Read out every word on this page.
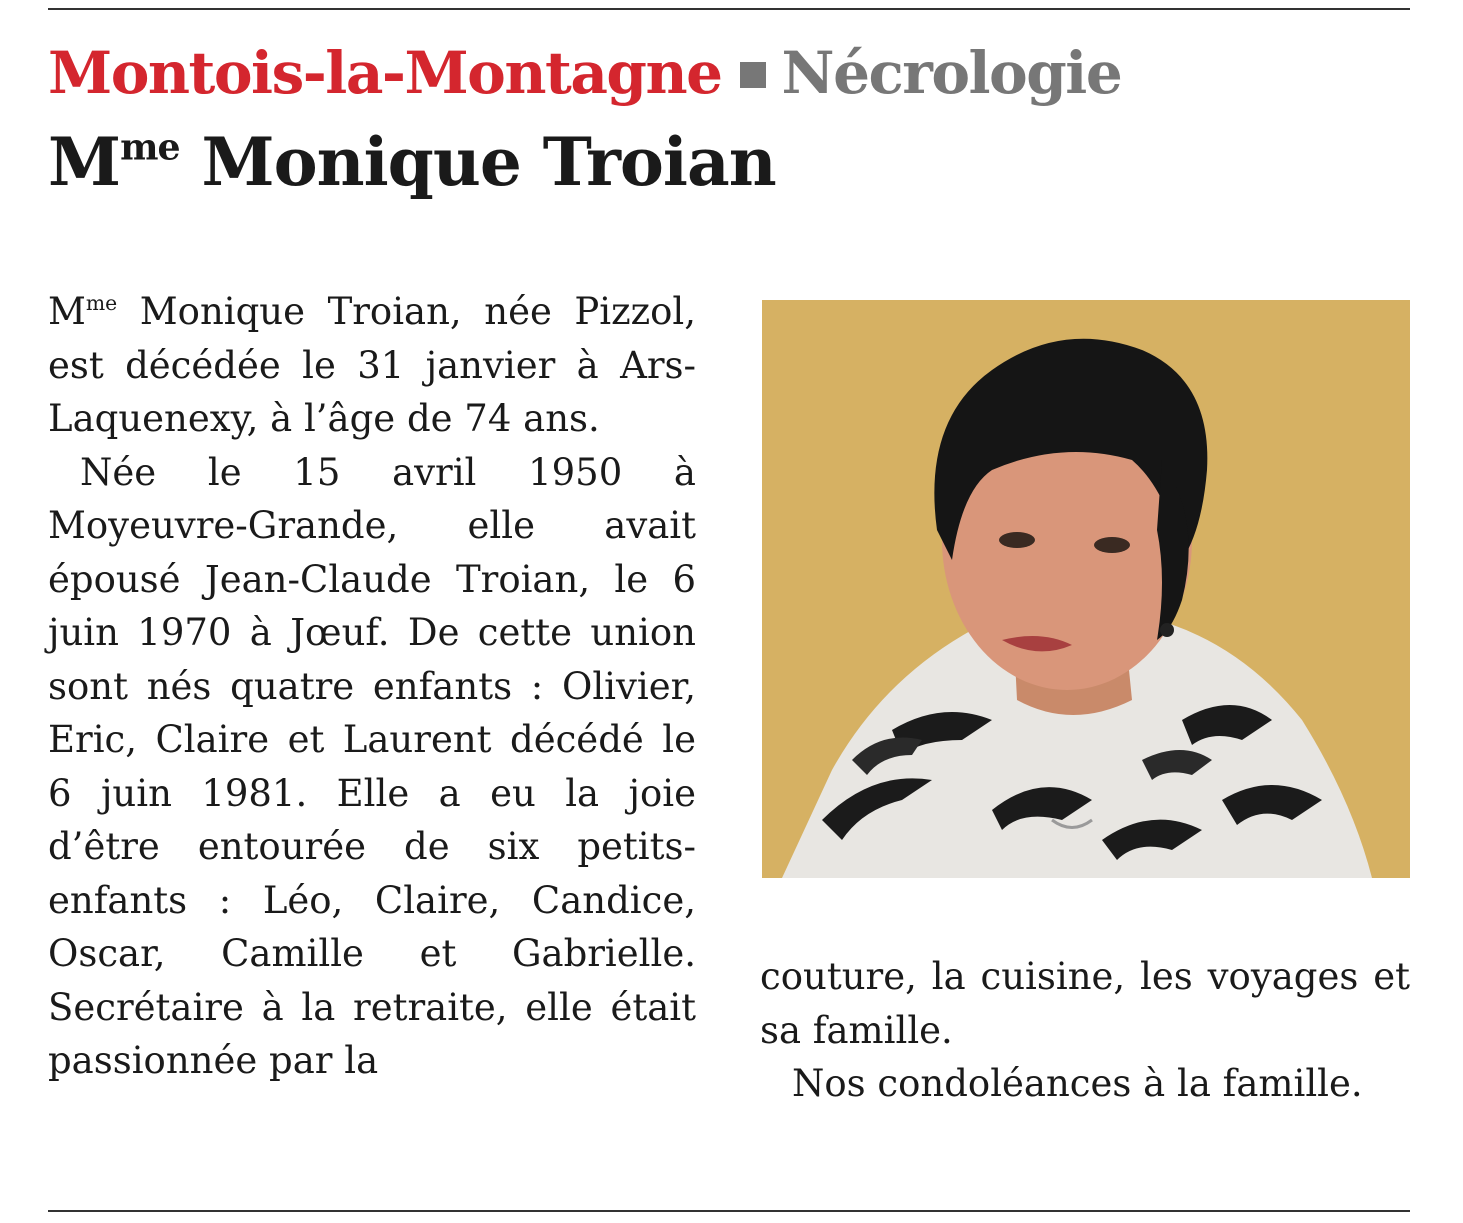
Montois-la-Montagne Nécrologie
$M^{me}$ Monique Troian

$M^{me}$ Monique Troian, née Pizzol, est décédée le 31 janvier à Ars-Laquenexy, à l’âge de 74 ans.

Née le 15 avril 1950 à Moyeuvre-Grande, elle avait épousé Jean-Claude Troian, le 6 juin 1970 à Jœuf. De cette union sont nés quatre enfants : Olivier, Eric, Claire et Laurent décédé le 6 juin 1981. Elle a eu la joie d’être entourée de six petits-enfants : Léo, Claire, Candice, Oscar, Camille et Gabrielle. Secrétaire à la retraite, elle était passionnée par la

couture, la cuisine, les voyages et sa famille.

Nos condoléances à la famille.
